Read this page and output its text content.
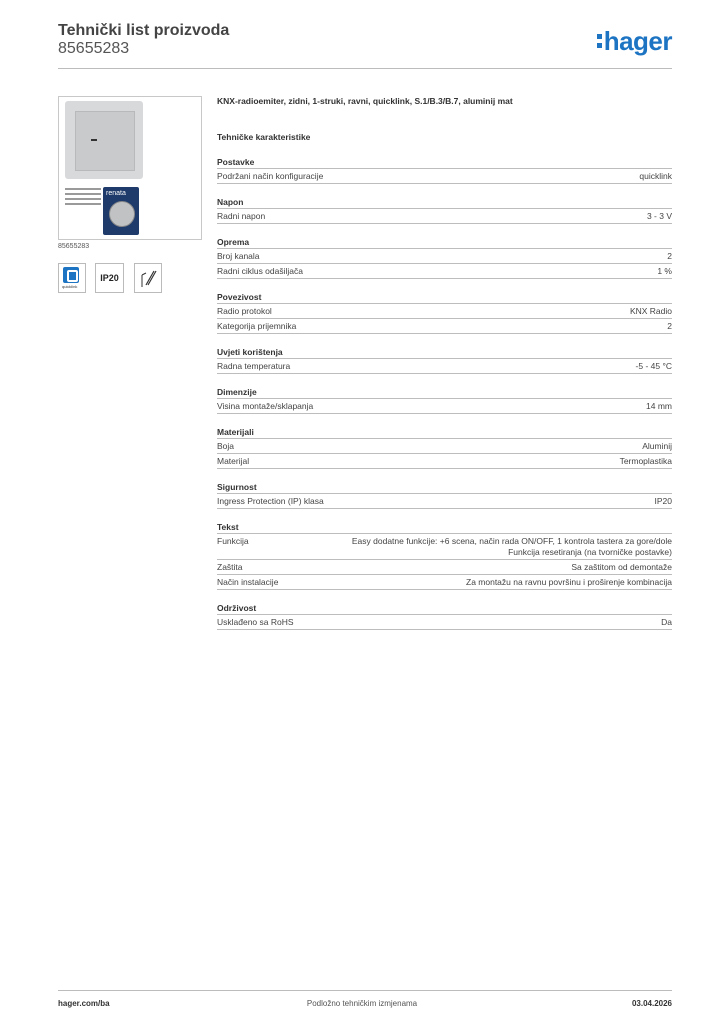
Tehnički list proizvoda
85655283	hager
renata
85655283
quicklink
IP20
KNX-radioemiter, zidni, 1-struki, ravni, quicklink, S.1/B.3/B.7, aluminij mat
Tehničke karakteristike
Postavke
Podržani način konfiguracije	quicklink
Napon
Radni napon	3 - 3 V
Oprema
Broj kanala	2
Radni ciklus odašiljača	1 %
Povezivost
Radio protokol	KNX Radio
Kategorija prijemnika	2
Uvjeti korištenja
Radna temperatura	-5 - 45 °C
Dimenzije
Visina montaže/sklapanja	14 mm
Materijali
Boja	Aluminij
Materijal	Termoplastika
Sigurnost
Ingress Protection (IP) klasa	IP20
Tekst
Funkcija	Easy dodatne funkcije: +6 scena, način rada ON/OFF, 1 kontrola tastera za gore/dole
Funkcija resetiranja (na tvorničke postavke)
Zaštita	Sa zaštitom od demontaže
Način instalacije	Za montažu na ravnu površinu i proširenje kombinacija
Održivost
Usklađeno sa RoHS	Da
hager.com/ba	Podložno tehničkim izmjenama	03.04.2026
